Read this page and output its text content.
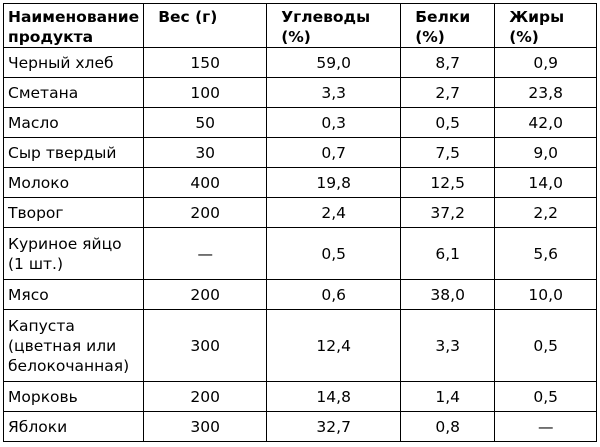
Наименование продукта	Вес (г)	Углеводы (%)	Белки (%)	Жиры (%)
Черный хлеб	150	59,0	8,7	0,9
Сметана	100	3,3	2,7	23,8
Масло	50	0,3	0,5	42,0
Сыр твердый	30	0,7	7,5	9,0
Молоко	400	19,8	12,5	14,0
Творог	200	2,4	37,2	2,2
Куриное яйцо (1 шт.)	—	0,5	6,1	5,6
Мясо	200	0,6	38,0	10,0
Капуста (цветная или белокочанная)	300	12,4	3,3	0,5
Морковь	200	14,8	1,4	0,5
Яблоки	300	32,7	0,8	—
